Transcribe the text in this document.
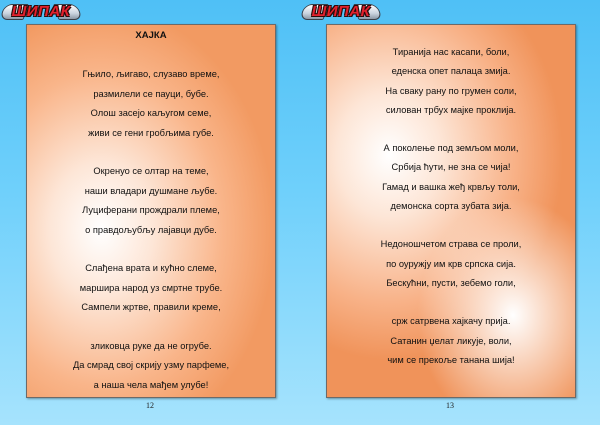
ШИПАК
ХАЈКА
Гњило, љигаво, слузаво време,
размилели се пауци, бубе.
Олош засејо каљугом семе,
живи се гени гробљима губе.
Окренуо се олтар на теме,
наши владари душмане љубе.
Луциферани прождрали племе,
о правдољубљу лајавци дубе.
Слађена врата и кућно слеме,
маршира народ уз смртне трубе.
Сампели жртве, правили креме,
зликовца руке да не огрубе.
Да смрад свој скрију узму парфеме,
а наша чела мађем улубе!
12
ШИПАК
Тиранија нас касапи, боли,
еденска опет палаца змија.
На сваку рану по грумен соли,
силован трбух мајке проклија.
А поколење под земљом моли,
Србија ћути, не зна се чија!
Гамад и вашка жеђ крвљу толи,
демонска сорта зубата зија.
Недоношчетом страва се проли,
по оуружју им крв српска сија.
Бескућни, пусти, зебемо голи,
срж сатрвена хајкачу прија.
Сатанин џелат ликује, воли,
чим се прекоље танана шија!
13
